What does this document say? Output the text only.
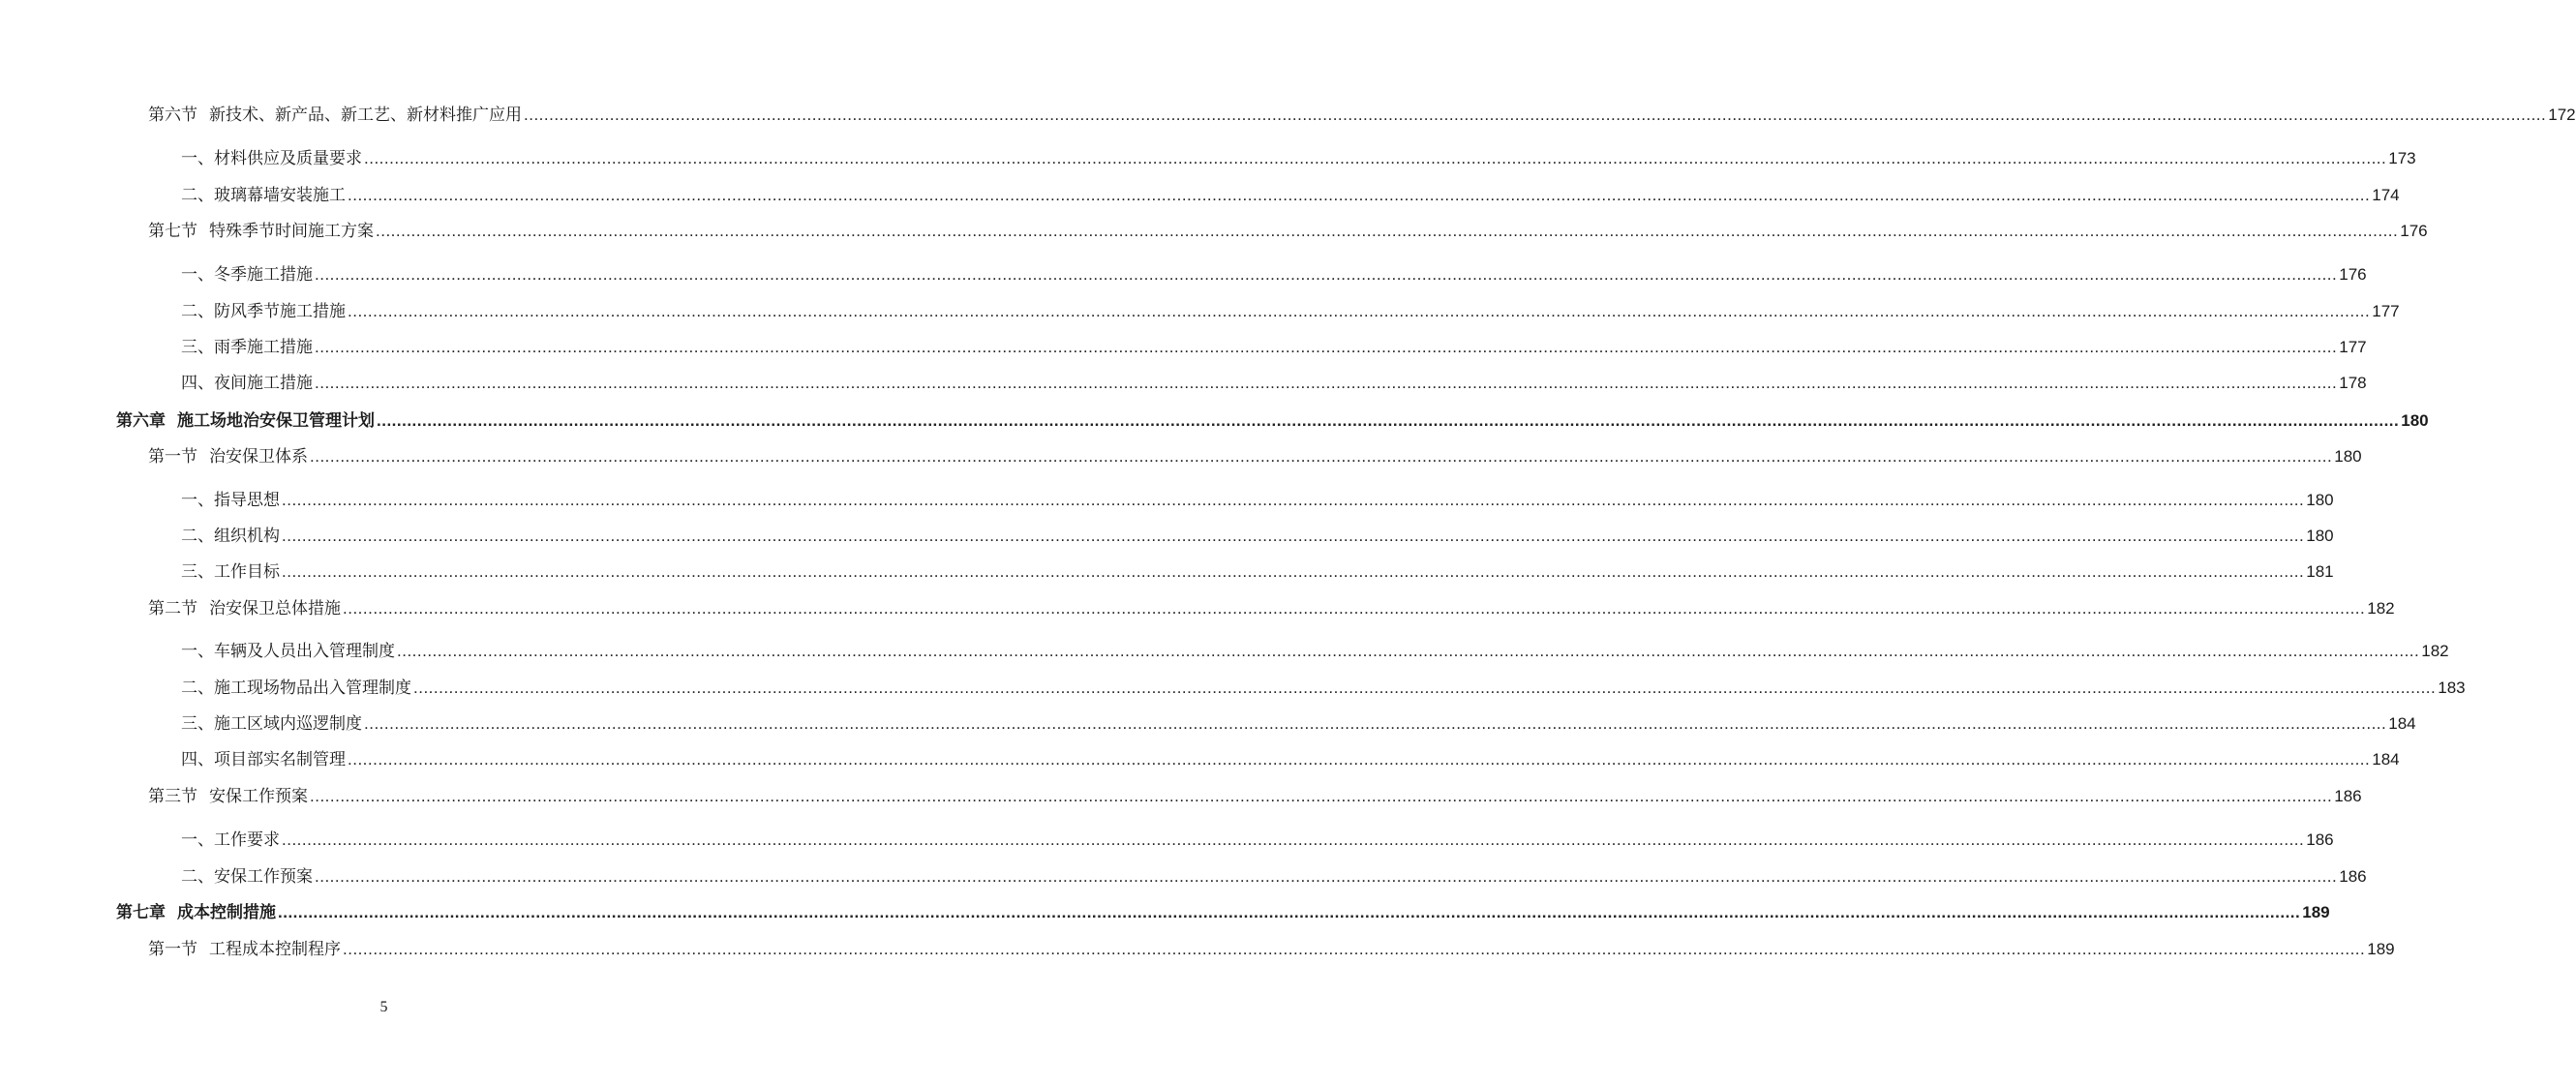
第六节 新技术、新产品、新工艺、新材料推广应用 ................................................................................................................................................................................................................................................................................................................................................................................................................ 172
一、材料供应及质量要求 ................................................................................................................................................................................................................................................................................................................................................................................................................ 173
二、玻璃幕墙安装施工 ................................................................................................................................................................................................................................................................................................................................................................................................................ 174
第七节 特殊季节时间施工方案 ................................................................................................................................................................................................................................................................................................................................................................................................................ 176
一、冬季施工措施 ................................................................................................................................................................................................................................................................................................................................................................................................................ 176
二、防风季节施工措施 ................................................................................................................................................................................................................................................................................................................................................................................................................ 177
三、雨季施工措施 ................................................................................................................................................................................................................................................................................................................................................................................................................ 177
四、夜间施工措施 ................................................................................................................................................................................................................................................................................................................................................................................................................ 178
第六章 施工场地治安保卫管理计划 ................................................................................................................................................................................................................................................................................................................................................................................................................ 180
第一节 治安保卫体系 ................................................................................................................................................................................................................................................................................................................................................................................................................ 180
一、指导思想 ................................................................................................................................................................................................................................................................................................................................................................................................................ 180
二、组织机构 ................................................................................................................................................................................................................................................................................................................................................................................................................ 180
三、工作目标 ................................................................................................................................................................................................................................................................................................................................................................................................................ 181
第二节 治安保卫总体措施 ................................................................................................................................................................................................................................................................................................................................................................................................................ 182
一、车辆及人员出入管理制度 ................................................................................................................................................................................................................................................................................................................................................................................................................ 182
二、施工现场物品出入管理制度 ................................................................................................................................................................................................................................................................................................................................................................................................................ 183
三、施工区域内巡逻制度 ................................................................................................................................................................................................................................................................................................................................................................................................................ 184
四、项目部实名制管理 ................................................................................................................................................................................................................................................................................................................................................................................................................ 184
第三节 安保工作预案 ................................................................................................................................................................................................................................................................................................................................................................................................................ 186
一、工作要求 ................................................................................................................................................................................................................................................................................................................................................................................................................ 186
二、安保工作预案 ................................................................................................................................................................................................................................................................................................................................................................................................................ 186
第七章 成本控制措施 ................................................................................................................................................................................................................................................................................................................................................................................................................ 189
第一节 工程成本控制程序 ................................................................................................................................................................................................................................................................................................................................................................................................................ 189
5
